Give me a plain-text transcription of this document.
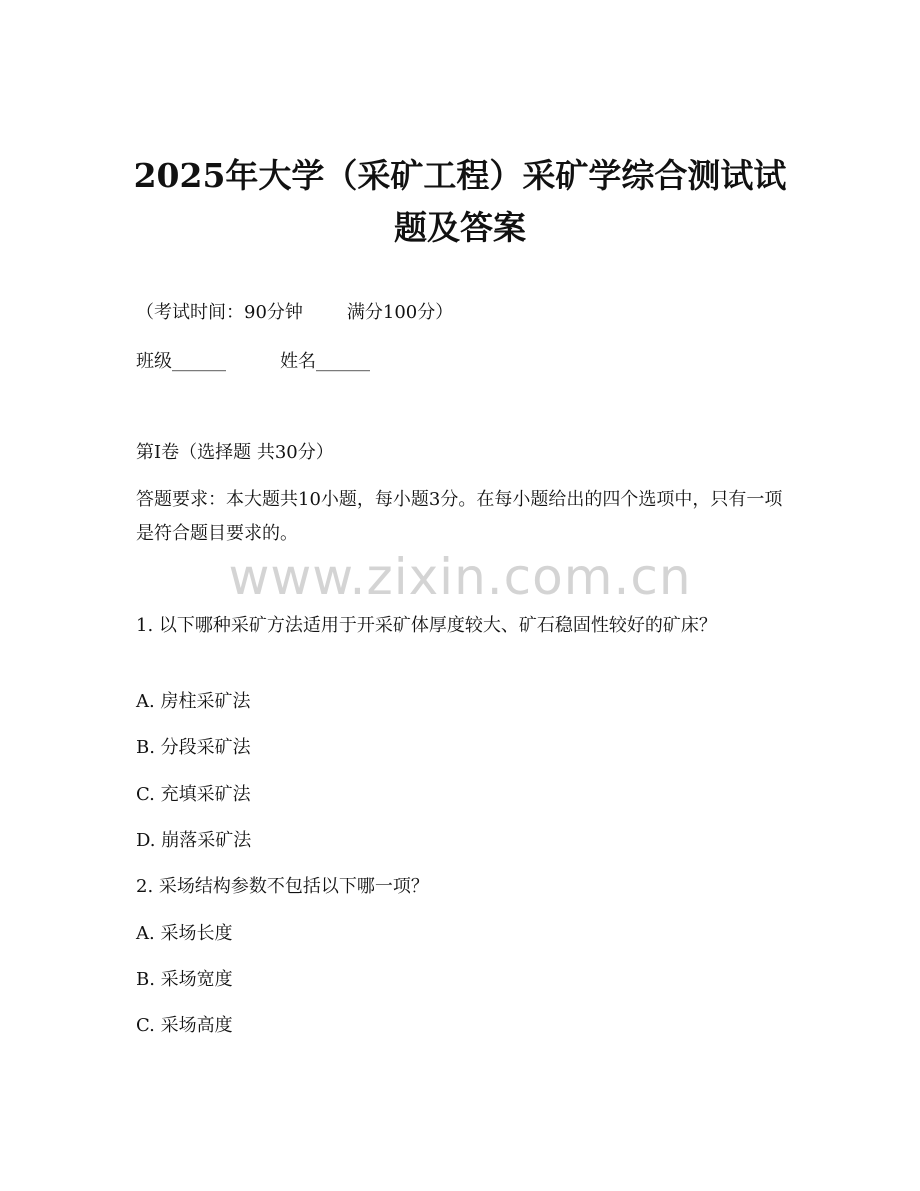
2025年大学（采矿工程）采矿学综合测试试
题及答案
（考试时间：90分钟 满分100分）
班级______	姓名______
第I卷（选择题 共30分）
答题要求：本大题共10小题，每小题3分。在每小题给出的四个选项中，只有一项是符合题目要求的。
www.zixin.com.cn
1. 以下哪种采矿方法适用于开采矿体厚度较大、矿石稳固性较好的矿床？
A. 房柱采矿法
B. 分段采矿法
C. 充填采矿法
D. 崩落采矿法
2. 采场结构参数不包括以下哪一项？
A. 采场长度
B. 采场宽度
C. 采场高度
